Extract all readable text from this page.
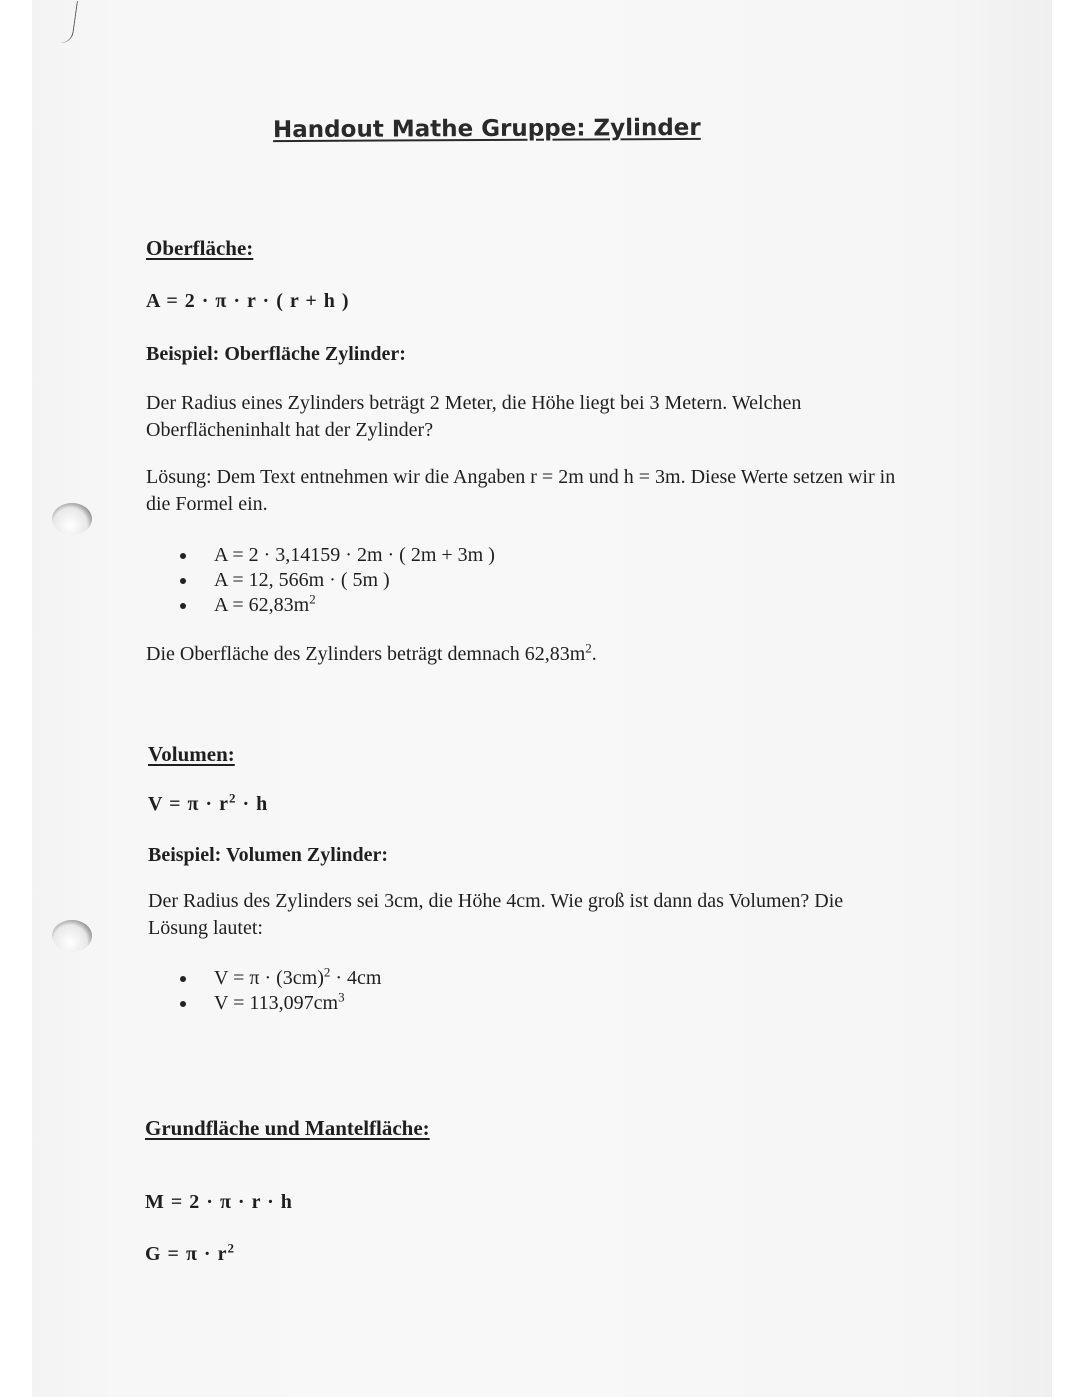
Handout Mathe Gruppe: Zylinder
Oberfläche:
A = 2 · π · r · ( r + h )
Beispiel: Oberfläche Zylinder:
Der Radius eines Zylinders beträgt 2 Meter, die Höhe liegt bei 3 Metern. Welchen
Oberflächeninhalt hat der Zylinder?
Lösung: Dem Text entnehmen wir die Angaben r = 2m und h = 3m. Diese Werte setzen wir in
die Formel ein.
A = 2 · 3,14159 · 2m · ( 2m + 3m )
A = 12, 566m · ( 5m )
$A = 62,83m^2$
Die Oberfläche des Zylinders beträgt demnach $62,83m^2$.
Volumen:
$V = \pi \cdot r^2 \cdot h$
Beispiel: Volumen Zylinder:
Der Radius des Zylinders sei 3cm, die Höhe 4cm. Wie groß ist dann das Volumen? Die
Lösung lautet:
$V = \pi \cdot (3cm)^2 \cdot 4cm$
$V = 113,097cm^3$
Grundfläche und Mantelfläche:
M = 2 · π · r · h
$G = \pi \cdot r^2$
